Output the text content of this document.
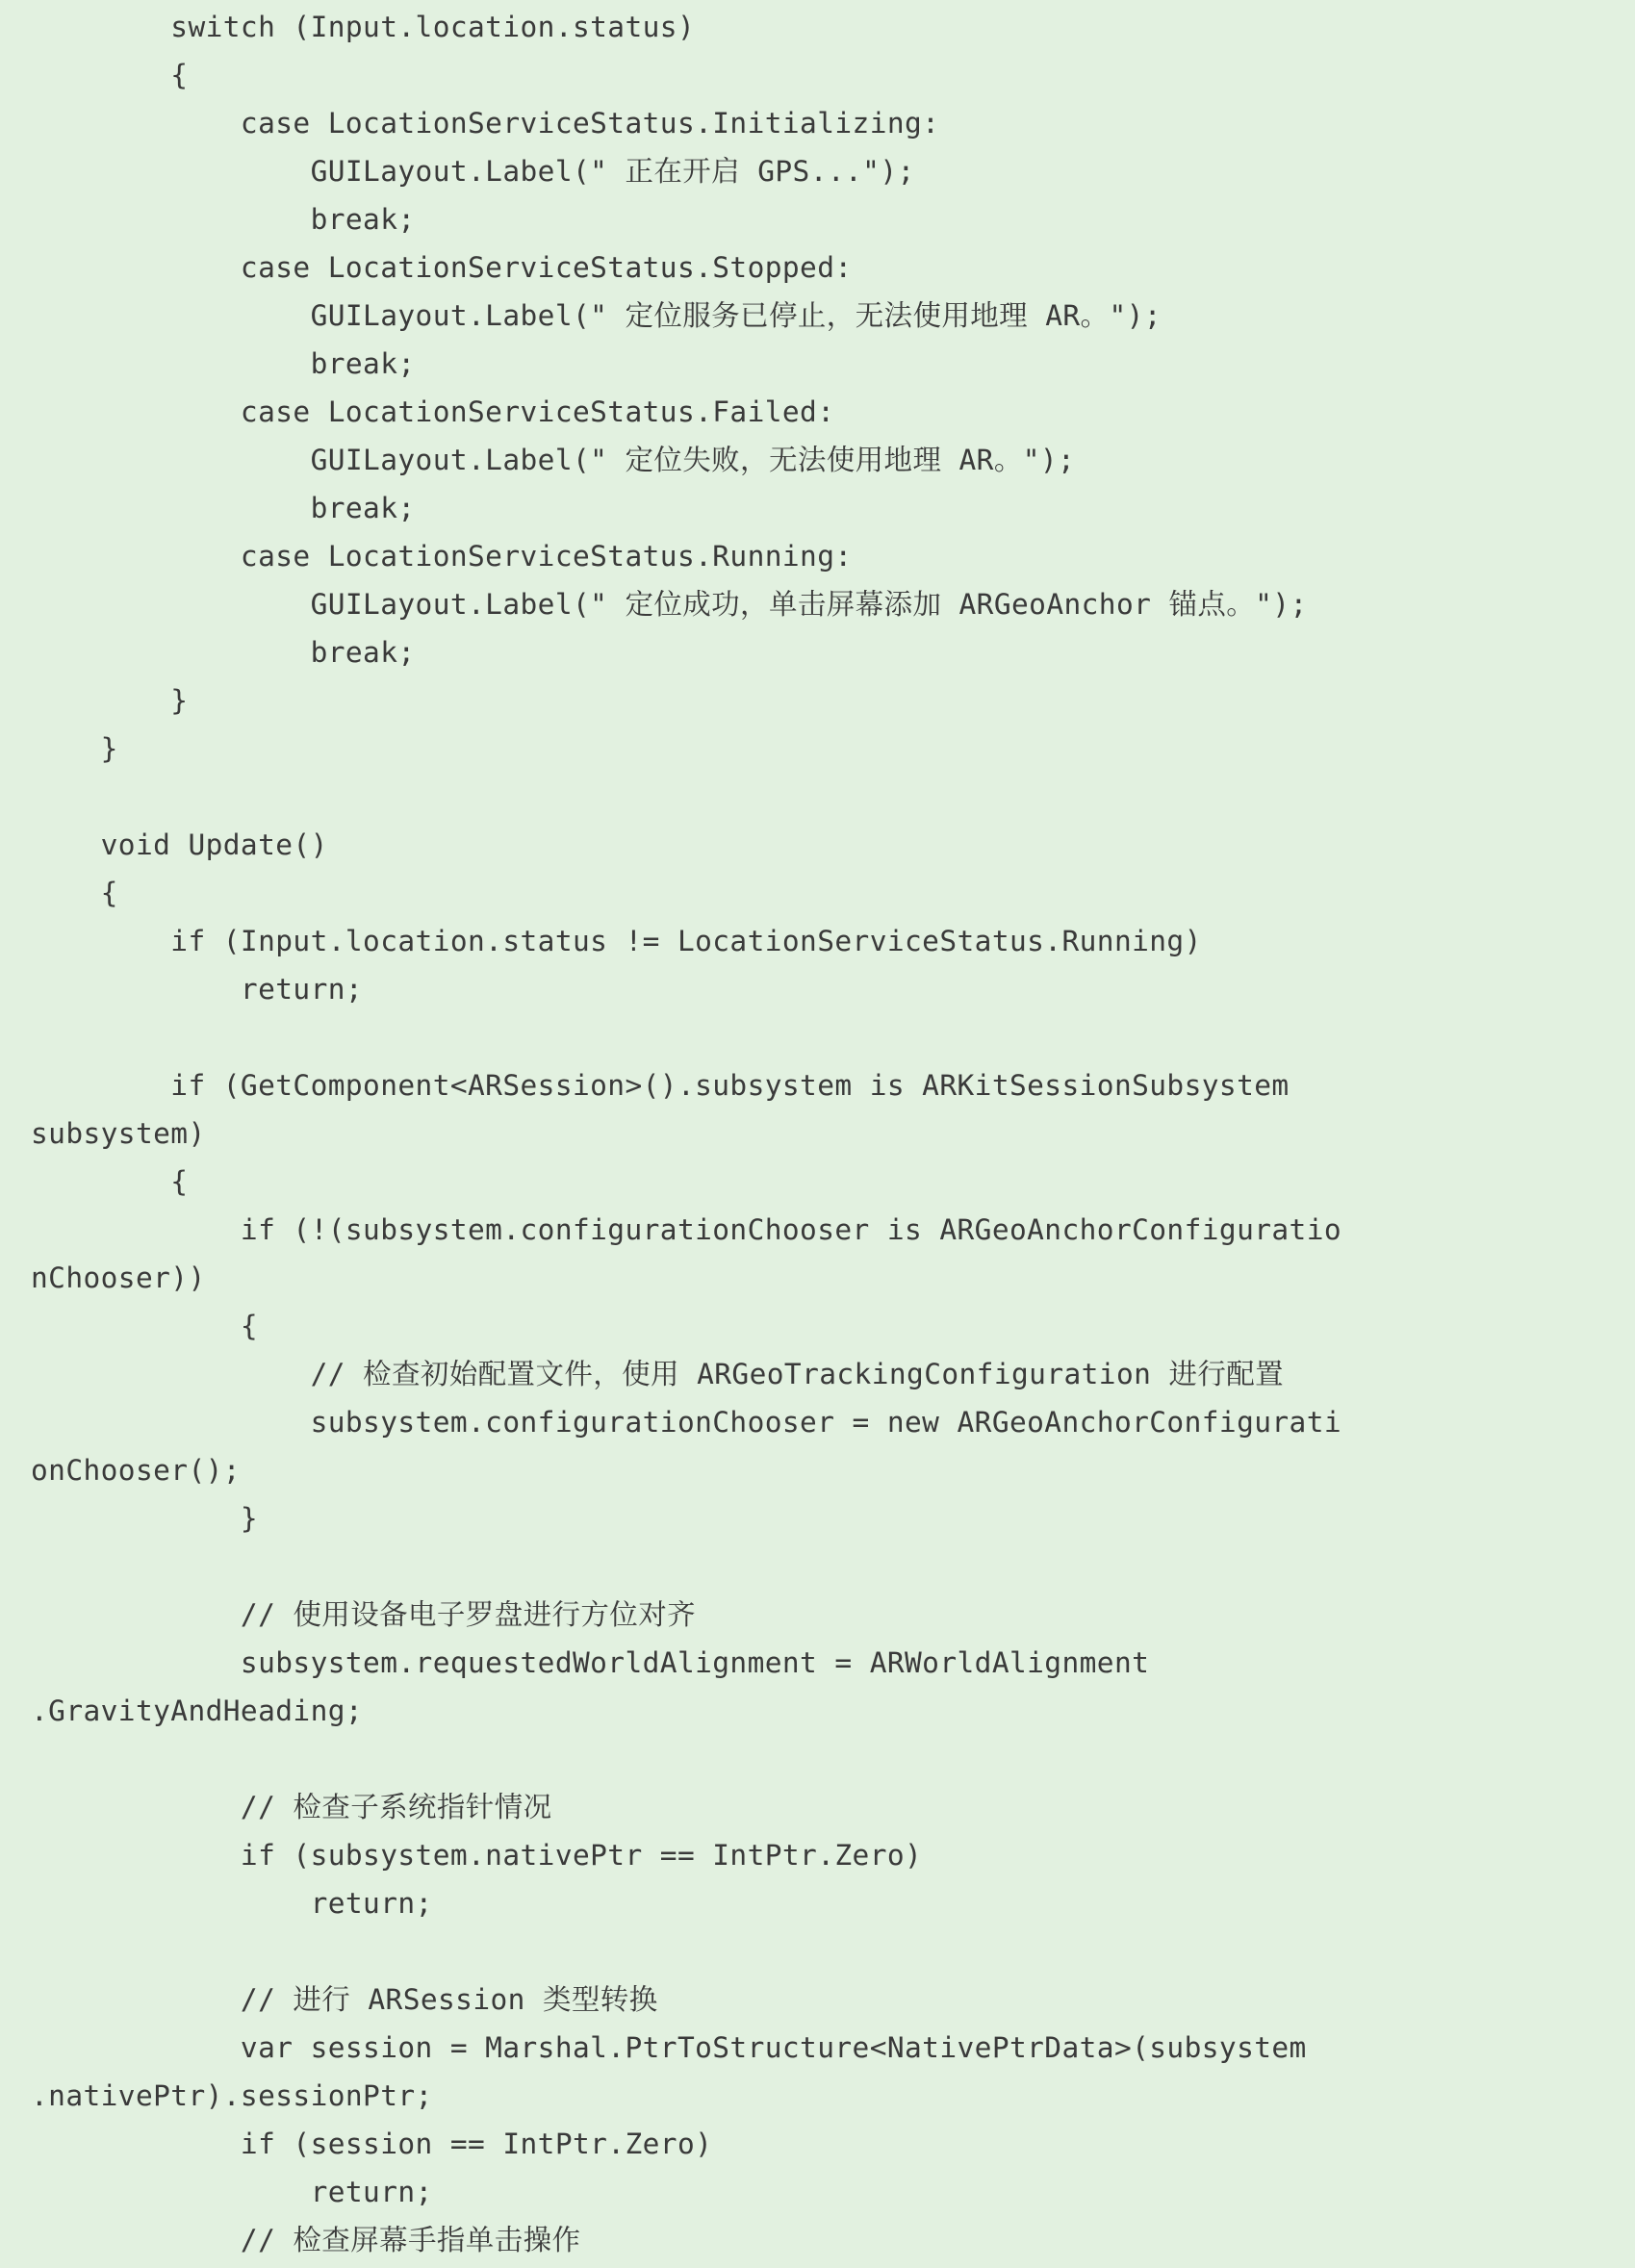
switch (Input.location.status)
{
case LocationServiceStatus.Initializing:
GUILayout.Label(" 正在开启 GPS...");
break;
case LocationServiceStatus.Stopped:
GUILayout.Label(" 定位服务已停止，无法使用地理 AR。");
break;
case LocationServiceStatus.Failed:
GUILayout.Label(" 定位失败，无法使用地理 AR。");
break;
case LocationServiceStatus.Running:
GUILayout.Label(" 定位成功，单击屏幕添加 ARGeoAnchor 锚点。");
break;
}
}
void Update()
{
if (Input.location.status != LocationServiceStatus.Running)
return;
if (GetComponent<ARSession>().subsystem is ARKitSessionSubsystem
subsystem)
{
if (!(subsystem.configurationChooser is ARGeoAnchorConfiguratio
nChooser))
{
// 检查初始配置文件，使用 ARGeoTrackingConfiguration 进行配置
subsystem.configurationChooser = new ARGeoAnchorConfigurati
onChooser();
}
// 使用设备电子罗盘进行方位对齐
subsystem.requestedWorldAlignment = ARWorldAlignment
.GravityAndHeading;
// 检查子系统指针情况
if (subsystem.nativePtr == IntPtr.Zero)
return;
// 进行 ARSession 类型转换
var session = Marshal.PtrToStructure<NativePtrData>(subsystem
.nativePtr).sessionPtr;
if (session == IntPtr.Zero)
return;
// 检查屏幕手指单击操作
